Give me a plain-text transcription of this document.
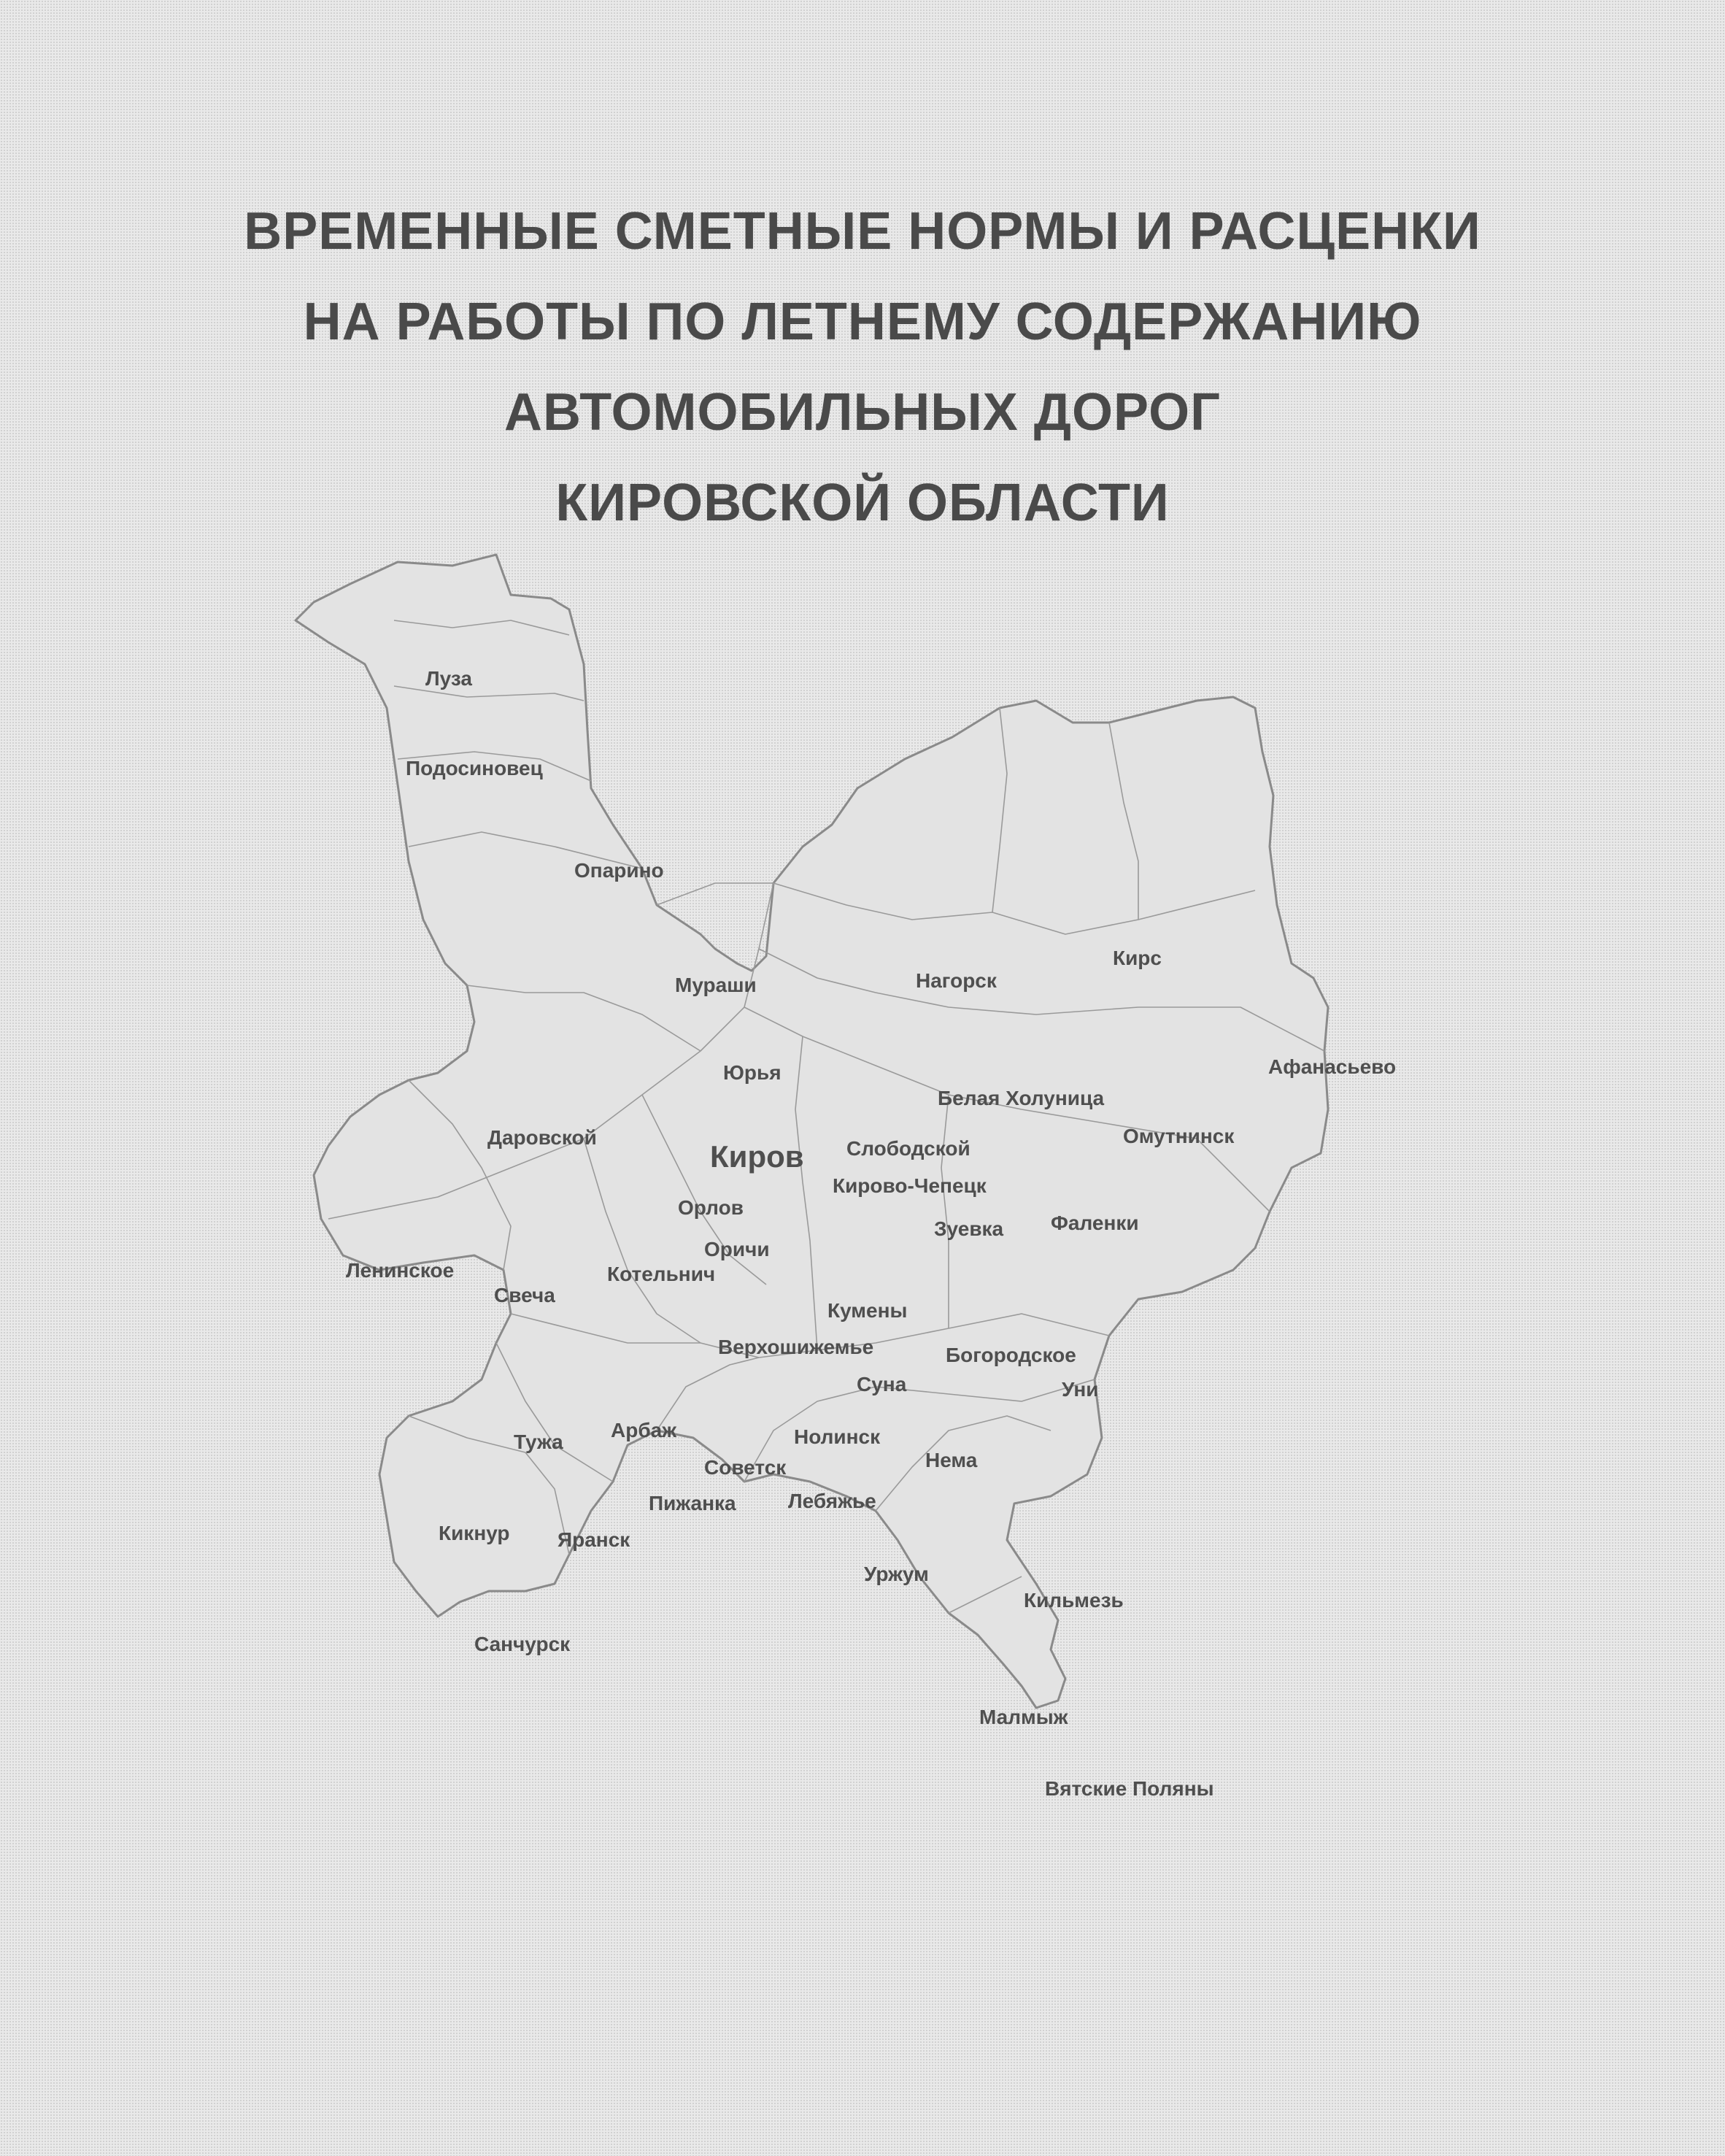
ВРЕМЕННЫЕ СМЕТНЫЕ НОРМЫ И РАСЦЕНКИ
НА РАБОТЫ ПО ЛЕТНЕМУ СОДЕРЖАНИЮ
АВТОМОБИЛЬНЫХ ДОРОГ
КИРОВСКОЙ ОБЛАСТИ
Луза
Подосиновец
Опарино
Мураши	Нагорск
Кирс
Афанасьево
Юрья
Белая Холуница
Даровской
Киров Слободской
Омутнинск
Кирово-Чепецк
Орлов
Зуевка Фаленки
Оричи
Ленинское	Котельнич
Свеча
Кумены
Верхошижемье	Богородское
Суна	Уни
Арбаж
Тужа	Нолинск
Советск	Нема
Пижанка	Лебяжье
Кикнур Яранск
Уржум
Кильмезь
Санчурск
Малмыж
Вятские Поляны
